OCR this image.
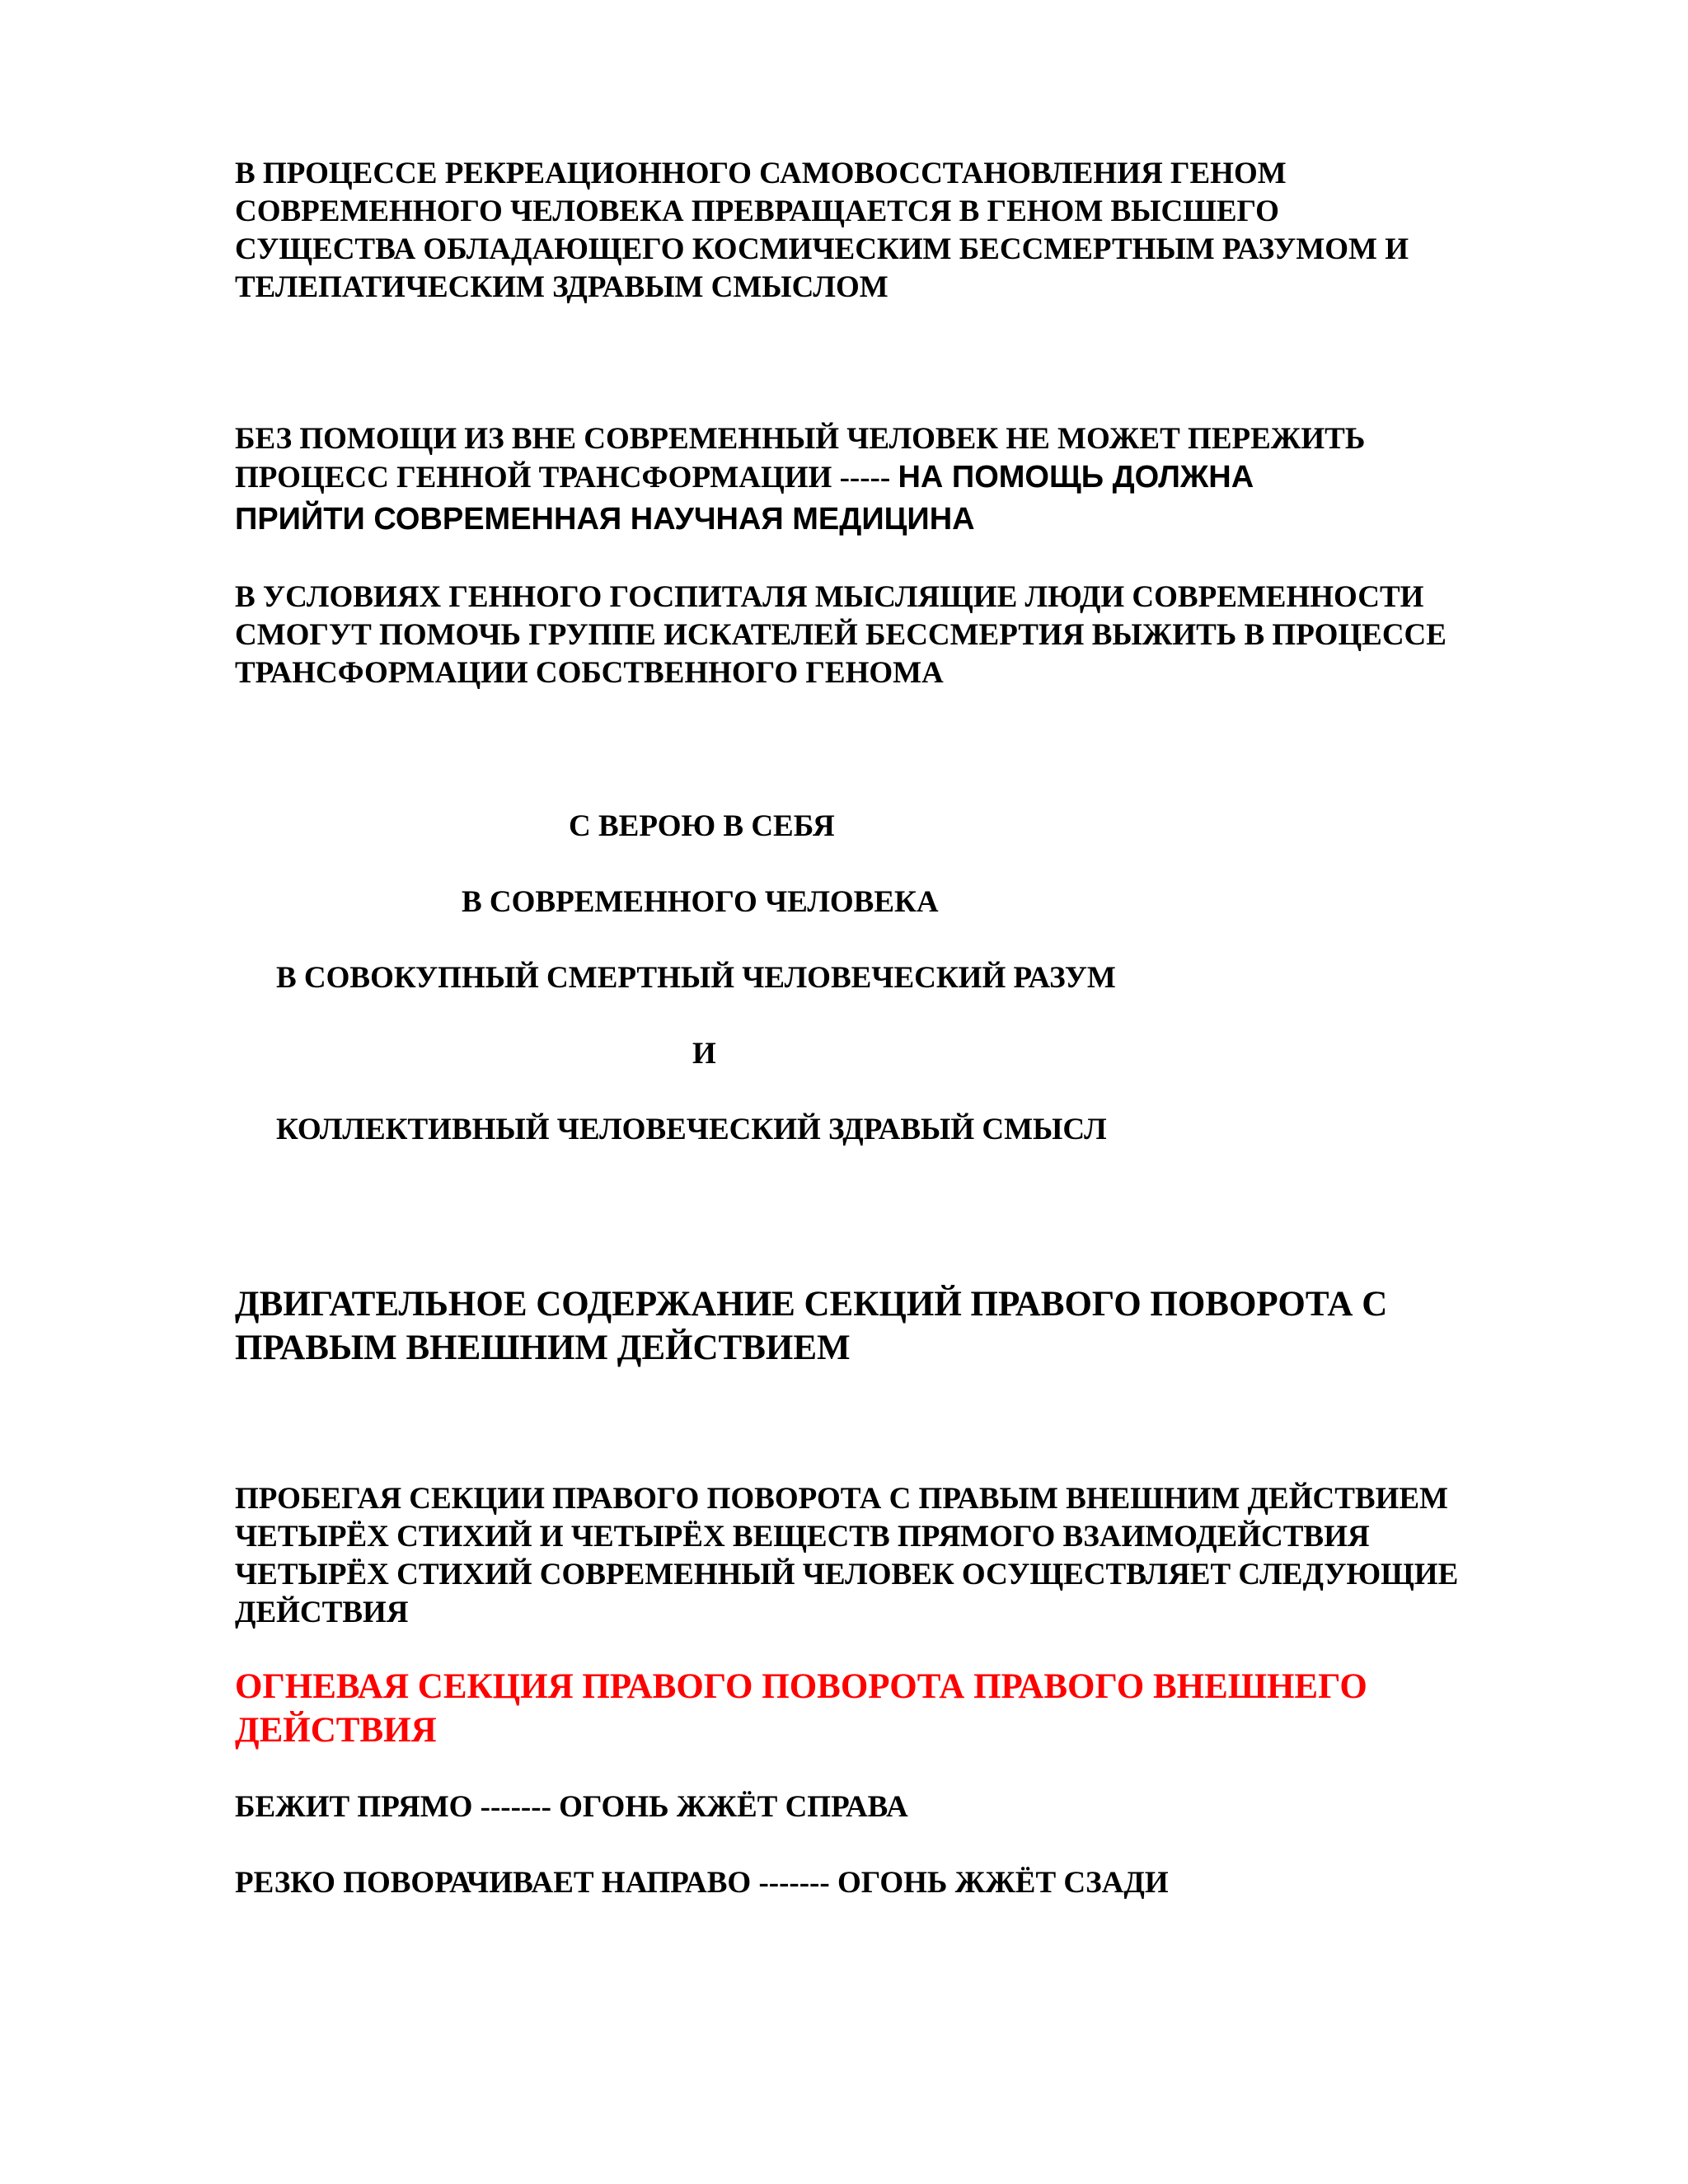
В ПРОЦЕССЕ РЕКРЕАЦИОННОГО САМОВОССТАНОВЛЕНИЯ ГЕНОМ
СОВРЕМЕННОГО ЧЕЛОВЕКА ПРЕВРАЩАЕТСЯ В ГЕНОМ ВЫСШЕГО
СУЩЕСТВА ОБЛАДАЮЩЕГО КОСМИЧЕСКИМ БЕССМЕРТНЫМ РАЗУМОМ И
ТЕЛЕПАТИЧЕСКИМ ЗДРАВЫМ СМЫСЛОМ

БЕЗ ПОМОЩИ ИЗ ВНЕ СОВРЕМЕННЫЙ ЧЕЛОВЕК НЕ МОЖЕТ ПЕРЕЖИТЬ
ПРОЦЕСС ГЕННОЙ ТРАНСФОРМАЦИИ ----- НА ПОМОЩЬ ДОЛЖНА
ПРИЙТИ СОВРЕМЕННАЯ НАУЧНАЯ МЕДИЦИНА

В УСЛОВИЯХ ГЕННОГО ГОСПИТАЛЯ МЫСЛЯЩИЕ ЛЮДИ СОВРЕМЕННОСТИ
СМОГУТ ПОМОЧЬ ГРУППЕ ИСКАТЕЛЕЙ БЕССМЕРТИЯ ВЫЖИТЬ В ПРОЦЕССЕ
ТРАНСФОРМАЦИИ СОБСТВЕННОГО ГЕНОМА

С ВЕРОЮ В СЕБЯ

В СОВРЕМЕННОГО ЧЕЛОВЕКА

В СОВОКУПНЫЙ СМЕРТНЫЙ ЧЕЛОВЕЧЕСКИЙ РАЗУМ

И

КОЛЛЕКТИВНЫЙ ЧЕЛОВЕЧЕСКИЙ ЗДРАВЫЙ СМЫСЛ

ДВИГАТЕЛЬНОЕ СОДЕРЖАНИЕ СЕКЦИЙ ПРАВОГО ПОВОРОТА С
ПРАВЫМ ВНЕШНИМ ДЕЙСТВИЕМ

ПРОБЕГАЯ СЕКЦИИ ПРАВОГО ПОВОРОТА С ПРАВЫМ ВНЕШНИМ ДЕЙСТВИЕМ
ЧЕТЫРЁХ СТИХИЙ И ЧЕТЫРЁХ ВЕЩЕСТВ ПРЯМОГО ВЗАИМОДЕЙСТВИЯ
ЧЕТЫРЁХ СТИХИЙ СОВРЕМЕННЫЙ ЧЕЛОВЕК ОСУЩЕСТВЛЯЕТ СЛЕДУЮЩИЕ
ДЕЙСТВИЯ

ОГНЕВАЯ СЕКЦИЯ ПРАВОГО ПОВОРОТА ПРАВОГО ВНЕШНЕГО
ДЕЙСТВИЯ

БЕЖИТ ПРЯМО ------- ОГОНЬ ЖЖЁТ СПРАВА

РЕЗКО ПОВОРАЧИВАЕТ НАПРАВО ------- ОГОНЬ ЖЖЁТ СЗАДИ
